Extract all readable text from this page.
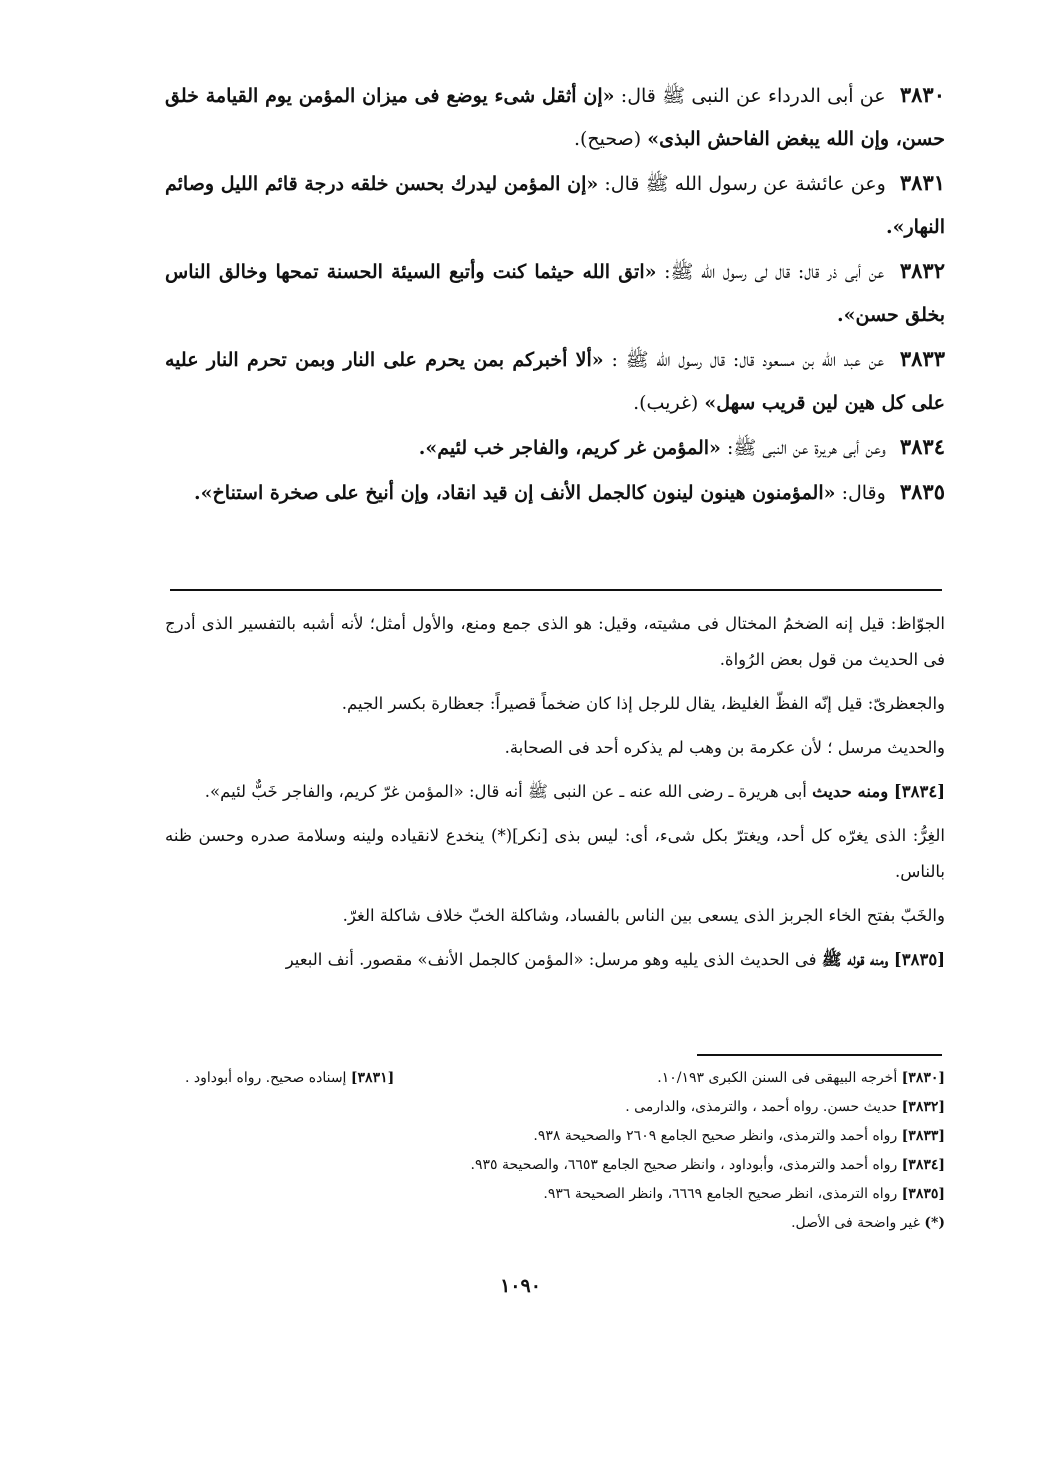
٣٨٣٠ عن أبى الدرداء عن النبى ﷺ قال: «إن أثقل شىء يوضع فى ميزان المؤمن يوم القيامة خلق حسن، وإن الله يبغض الفاحش البذى» (صحيح).

٣٨٣١ وعن عائشة عن رسول الله ﷺ قال: «إن المؤمن ليدرك بحسن خلقه درجة قائم الليل وصائم النهار».

٣٨٣٢ عن أبى ذر قال: قال لى رسول الله ﷺ: «اتق الله حيثما كنت وأتبع السيئة الحسنة تمحها وخالق الناس بخلق حسن».

٣٨٣٣ عن عبد الله بن مسعود قال: قال رسول الله ﷺ : «ألا أخبركم بمن يحرم على النار وبمن تحرم النار عليه على كل هين لين قريب سهل» (غريب).

٣٨٣٤ وعن أبى هريرة عن النبى ﷺ: «المؤمن غر كريم، والفاجر خب لئيم».

٣٨٣٥ وقال: «المؤمنون هينون لينون كالجمل الأنف إن قيد انقاد، وإن أنيخ على صخرة استناخ».

الجوّاظ: قيل إنه الضخمُ المختال فى مشيته، وقيل: هو الذى جمع ومنع، والأول أمثل؛ لأنه أشبه بالتفسير الذى أدرج فى الحديث من قول بعض الرُواة.

والجعظرىّ: قيل إنّه الفظّ الغليظ، يقال للرجل إذا كان ضخماً قصيراً: جعظارة بكسر الجيم.

والحديث مرسل ؛ لأن عكرمة بن وهب لم يذكره أحد فى الصحابة.

[٣٨٣٤] ومنه حديث أبى هريرة ـ رضى الله عنه ـ عن النبى ﷺ أنه قال: «المؤمن غرّ كريم، والفاجر خَبٌّ لئيم».

الغِرُّ: الذى يغرّه كل أحد، ويغترّ بكل شىء، أى: ليس بذى [نكر](*) ينخدع لانقياده ولينه وسلامة صدره وحسن ظنه بالناس.

والخَبّ بفتح الخاء الجربز الذى يسعى بين الناس بالفساد، وشاكلة الخبّ خلاف شاكلة الغرّ.

[٣٨٣٥] ومنه قوله ﷺ فى الحديث الذى يليه وهو مرسل: «المؤمن كالجمل الأنف» مقصور. أنف البعير

[٣٨٣٠] أخرجه البيهقى فى السنن الكبرى ١٠/١٩٣.
[٣٨٣١] إسناده صحيح. رواه أبوداود .
[٣٨٣٢] حديث حسن. رواه أحمد ، والترمذى، والدارمى .
[٣٨٣٣] رواه أحمد والترمذى، وانظر صحيح الجامع ٢٦٠٩ والصحيحة ٩٣٨.
[٣٨٣٤] رواه أحمد والترمذى، وأبوداود ، وانظر صحيح الجامع ٦٦٥٣، والصحيحة ٩٣٥.
[٣٨٣٥] رواه الترمذى، انظر صحيح الجامع ٦٦٦٩، وانظر الصحيحة ٩٣٦.
(*) غير واضحة فى الأصل.
١٠٩٠
